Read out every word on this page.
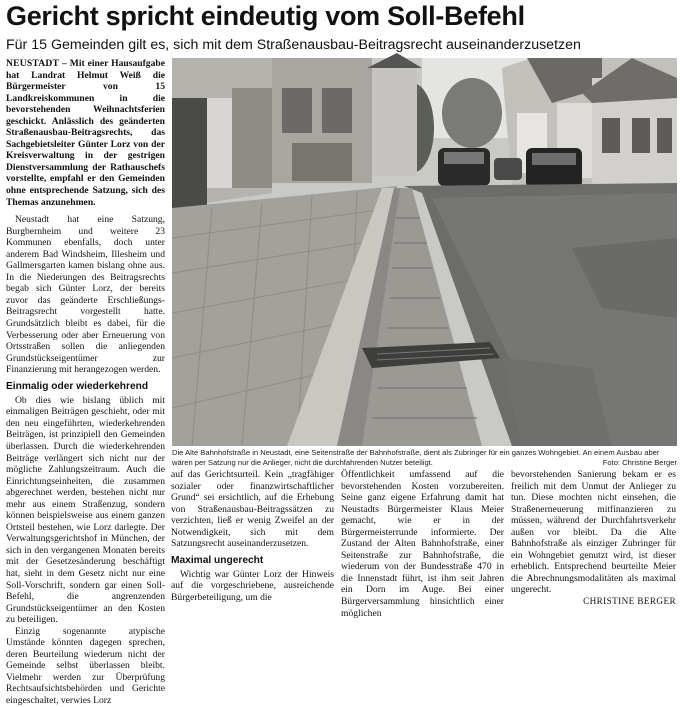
Gericht spricht eindeutig vom Soll-Befehl
Für 15 Gemeinden gilt es, sich mit dem Straßenausbau-Beitragsrecht auseinanderzusetzen

NEUSTADT – Mit einer Hausaufgabe hat Landrat Helmut Weiß die Bürgermeister von 15 Landkreiskommunen in die bevorstehenden Weihnachtsferien geschickt. Anlässlich des geänderten Straßenausbau-Beitragsrechts, das Sachgebietsleiter Günter Lorz von der Kreisverwaltung in der gestrigen Dienstversammlung der Rathauschefs vorstellte, empfahl er den Gemeinden ohne entsprechende Satzung, sich des Themas anzunehmen.

Neustadt hat eine Satzung, Burgbernheim und weitere 23 Kommunen ebenfalls, doch unter anderem Bad Windsheim, Illesheim und Gallmersgarten kamen bislang ohne aus. In die Niederungen des Beitragsrechts begab sich Günter Lorz, der bereits zuvor das geänderte Erschließungs-Beitragsrecht vorgestellt hatte. Grundsätzlich bleibt es dabei, für die Verbesserung oder aber Erneuerung von Ortsstraßen sollen die anliegenden Grundstückseigentümer zur Finanzierung mit herangezogen werden.

Einmalig oder wiederkehrend

Ob dies wie bislang üblich mit einmaligen Beiträgen geschieht, oder mit den neu eingeführten, wiederkehrenden Beiträgen, ist prinzipiell den Gemeinden überlassen. Durch die wiederkehrenden Beiträge verlängert sich nicht nur der mögliche Zahlungszeitraum. Auch die Einrichtungseinheiten, die zusammen abgerechnet werden, bestehen nicht nur mehr aus einem Straßenzug, sondern können beispielsweise aus einem ganzen Ortsteil bestehen, wie Lorz darlegte. Der Verwaltungsgerichtshof in München, der sich in den vergangenen Monaten bereits mit der Gesetzesänderung beschäftigt hat, sieht in dem Gesetz nicht nur eine Soll-Vorschrift, sondern gar einen Soll-Befehl, die angrenzenden Grundstückseigentümer an den Kosten zu beteiligen.

Einzig sogenannte atypische Umstände könnten dagegen sprechen, deren Beurteilung wiederum nicht der Gemeinde selbst überlassen bleibt. Vielmehr werden zur Überprüfung Rechtsaufsichtsbehörden und Gerichte eingeschaltet, verwies Lorz

Die Alte Bahnhofstraße in Neustadt, eine Seitenstraße der Bahnhofstraße, dient als Zubringer für ein ganzes Wohngebiet. An einem Ausbau aber wären per Satzung nur die Anlieger, nicht die durchfahrenden Nutzer beteiligt.	Foto: Christine Berger

auf das Gerichtsurteil. Kein „tragfähiger sozialer oder finanzwirtschaftlicher Grund“ sei ersichtlich, auf die Erhebung von Straßenausbau-Beitragssätzen zu verzichten, ließ er wenig Zweifel an der Notwendigkeit, sich mit dem Satzungsrecht auseinanderzusetzen.

Maximal ungerecht

Wichtig war Günter Lorz der Hinweis auf die vorgeschriebene, ausreichende Bürgerbeteiligung, um die

Öffentlichkeit umfassend auf die bevorstehenden Kosten vorzubereiten. Seine ganz eigene Erfahrung damit hat Neustadts Bürgermeister Klaus Meier gemacht, wie er in der Bürgermeisterrunde informierte. Der Zustand der Alten Bahnhofstraße, einer Seitenstraße zur Bahnhofstraße, die wiederum von der Bundesstraße 470 in die Innenstadt führt, ist ihm seit Jahren ein Dorn im Auge. Bei einer Bürgerversammlung hinsichtlich einer möglichen

bevorstehenden Sanierung bekam er es freilich mit dem Unmut der Anlieger zu tun. Diese mochten nicht einsehen, die Straßenerneuerung mitfinanzieren zu müssen, während der Durchfahrtsverkehr außen vor bleibt. Da die Alte Bahnhofstraße als einziger Zubringer für ein Wohngebiet genutzt wird, ist dieser erheblich. Entsprechend beurteilte Meier die Abrechnungsmodalitäten als maximal ungerecht.

CHRISTINE BERGER
